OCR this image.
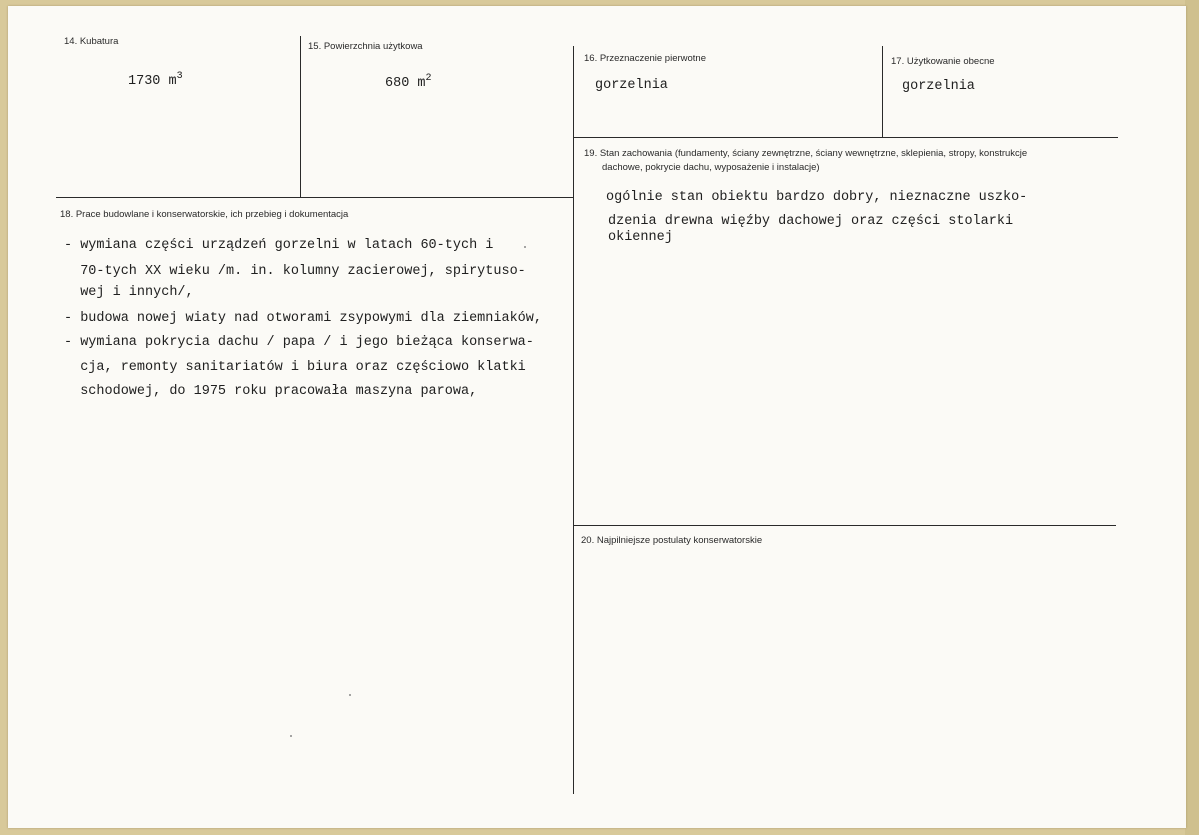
14. Kubatura
1730 $m^3$
15. Powierzchnia użytkowa
680 $m^2$
16. Przeznaczenie pierwotne
gorzelnia
17. Użytkowanie obecne
gorzelnia
19. Stan zachowania (fundamenty, ściany zewnętrzne, ściany wewnętrzne, sklepienia, stropy, konstrukcje
dachowe, pokrycie dachu, wyposażenie i instalacje)
ogólnie stan obiektu bardzo dobry, nieznaczne uszko-
dzenia drewna więźby dachowej oraz części stolarki
okiennej
18. Prace budowlane i konserwatorskie, ich przebieg i dokumentacja
- wymiana części urządzeń gorzelni w latach 60-tych i
70-tych XX wieku /m. in. kolumny zacierowej, spirytuso-
wej i innych/,
- budowa nowej wiaty nad otworami zsypowymi dla ziemniaków,
- wymiana pokrycia dachu / papa / i jego bieżąca konserwa-
cja, remonty sanitariatów i biura oraz częściowo klatki
schodowej, do 1975 roku pracowała maszyna parowa,
20. Najpilniejsze postulaty konserwatorskie
